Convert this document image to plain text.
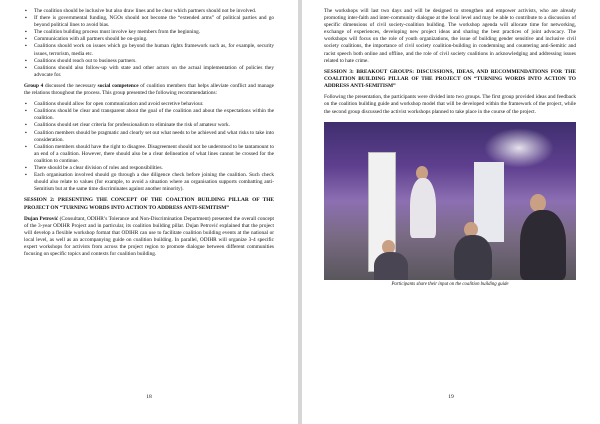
▪ The coalition should be inclusive but also draw lines and be clear which partners should not be involved.
▪ If there is governmental funding, NGOs should not become the “extended arms” of political parties and go beyond political lines to avoid bias.
▪ The coalition building process must involve key members from the beginning.
▪ Communication with all partners should be on-going.
▪ Coalitions should work on issues which go beyond the human rights framework such as, for example, security issues, terrorism, media etc.
▪ Coalitions should reach out to business partners.
▪ Coalitions should also follow-up with state and other actors on the actual implementation of policies they advocate for.

Group 4 discussed the necessary social competence of coalition members that helps alleviate conflict and manage the relations throughout the process. This group presented the following recommendations:

▪ Coalitions should allow for open communication and avoid secretive behaviour.
▪ Coalitions should be clear and transparent about the goal of the coalition and about the expectations within the coalition.
▪ Coalitions should set clear criteria for professionalism to eliminate the risk of amateur work.
▪ Coalition members should be pragmatic and clearly set out what needs to be achieved and what risks to take into consideration.
▪ Coalition members should have the right to disagree. Disagreement should not be understood to be tantamount to an end of a coalition. However, there should also be a clear delineation of what lines cannot be crossed for the coalition to continue.
▪ There should be a clear division of roles and responsibilities.
▪ Each organisation involved should go through a due diligence check before joining the coalition. Such check should also relate to values (for example, to avoid a situation where an organisation supports combatting anti-Semitism but at the same time discriminates against another minority).
SESSION 2: PRESENTING THE CONCEPT OF THE COALTION BUILDING PILLAR OF THE PROJECT ON “TURNING WORDS INTO ACTION TO ADDRESS ANTI-SEMITISM”

Dujan Petrović (Consultant, ODIHR’s Tolerance and Non-Discrimination Department) presented the overall concept of the 3-year ODIHR Project and in particular, its coalition building pillar. Dujan Petrović explained that the project will develop a flexible workshop format that ODIHR can use to facilitate coalition building events at the national or local level, as well as an accompanying guide on coalition building. In parallel, ODIHR will organize 3-4 specific expert workshops for activists from across the project region to promote dialogue between different communities focusing on specific topics and contexts for coalition building.

18

The workshops will last two days and will be designed to strengthen and empower activists, who are already promoting inter-faith and inter-community dialogue at the local level and may be able to contribute to a discussion of specific dimensions of civil society-coalition building. The workshop agenda will allocate time for networking, exchange of experiences, developing new project ideas and sharing the best practices of joint advocacy. The workshops will focus on the role of youth organizations, the issue of building gender sensitive and inclusive civil society coalitions, the importance of civil society coalition-building in condemning and countering anti-Semitic and racist speech both online and offline, and the role of civil society coalitions in acknowledging and addressing issues related to hate crime.

SESSION 3: BREAKOUT GROUPS: DISCUSSIONS, IDEAS, AND RECOMMENDATIONS FOR THE COALITION BUILDING PILLAR OF THE PROJECT ON “TURNING WORDS INTO ACTION TO ADDRESS ANTI-SEMITISM”

Following the presentation, the participants were divided into two groups. The first group provided ideas and feedback on the coalition building guide and workshop model that will be developed within the framework of the project, while the second group discussed the activist workshops planned to take place in the course of the project.

Participants share their input on the coalition building guide
19
